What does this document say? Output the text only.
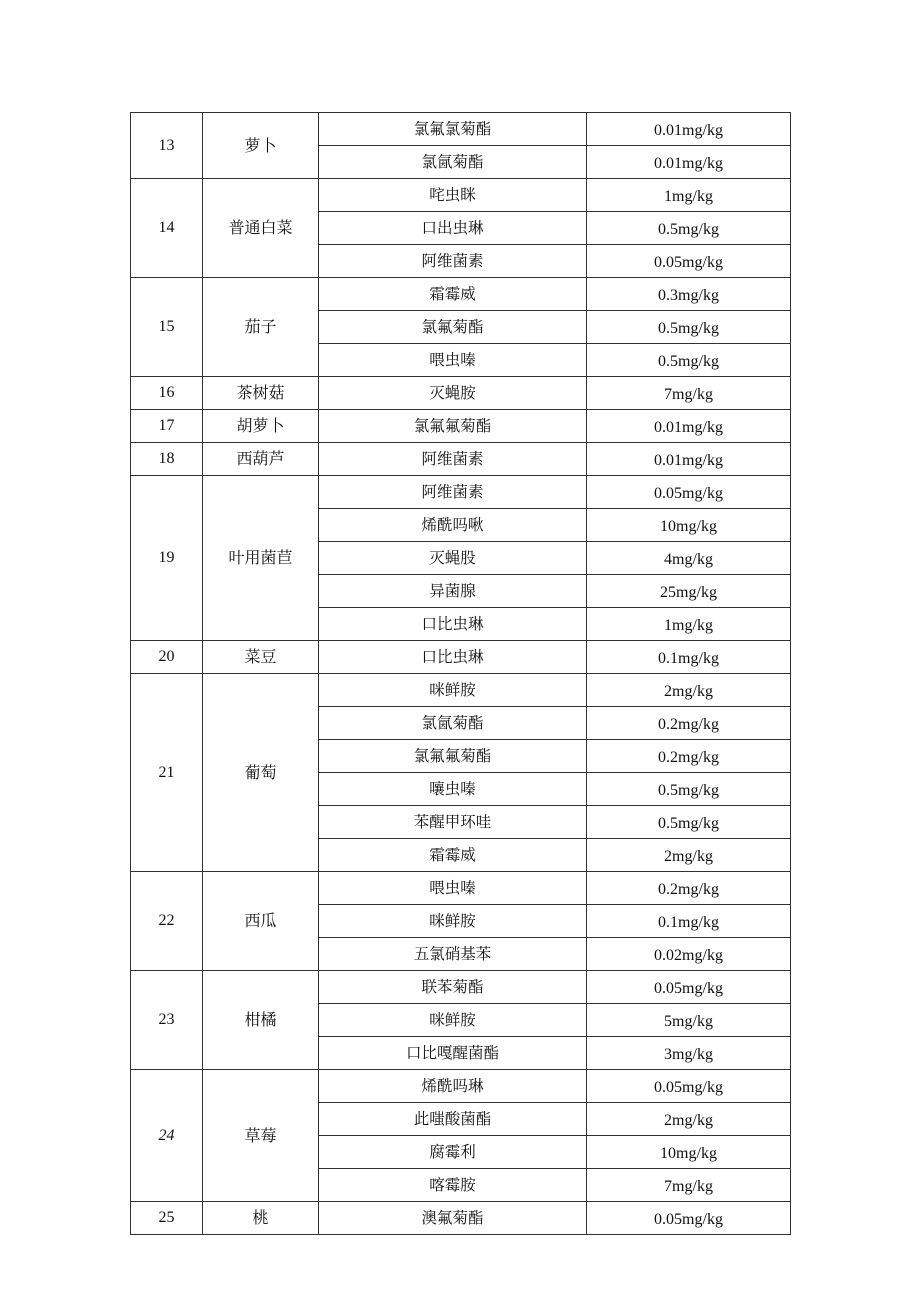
13	萝卜	氯氟氯菊酯	0.01mg/kg
		氯氤菊酯	0.01mg/kg
14	普通白菜	咤虫眯	1mg/kg
		口出虫琳	0.5mg/kg
		阿维菌素	0.05mg/kg
15	茄子	霜霉威	0.3mg/kg
		氯氟菊酯	0.5mg/kg
		喂虫嗪	0.5mg/kg
16	茶树菇	灭蝇胺	7mg/kg
17	胡萝卜	氯氟氟菊酯	0.01mg/kg
18	西葫芦	阿维菌素	0.01mg/kg
19	叶用菌苣	阿维菌素	0.05mg/kg
		烯酰吗啾	10mg/kg
		灭蝇股	4mg/kg
		异菌腺	25mg/kg
		口比虫琳	1mg/kg
20	菜豆	口比虫琳	0.1mg/kg
21	葡萄	咪鲜胺	2mg/kg
		氯氤菊酯	0.2mg/kg
		氯氟氟菊酯	0.2mg/kg
		嚷虫嗪	0.5mg/kg
		苯醒甲环哇	0.5mg/kg
		霜霉威	2mg/kg
22	西瓜	喂虫嗪	0.2mg/kg
		咪鲜胺	0.1mg/kg
		五氯硝基苯	0.02mg/kg
23	柑橘	联苯菊酯	0.05mg/kg
		咪鲜胺	5mg/kg
		口比嘎醒菌酯	3mg/kg
24	草莓	烯酰吗琳	0.05mg/kg
		此嗤酸菌酯	2mg/kg
		腐霉利	10mg/kg
		喀霉胺	7mg/kg
25	桃	澳氟菊酯	0.05mg/kg
